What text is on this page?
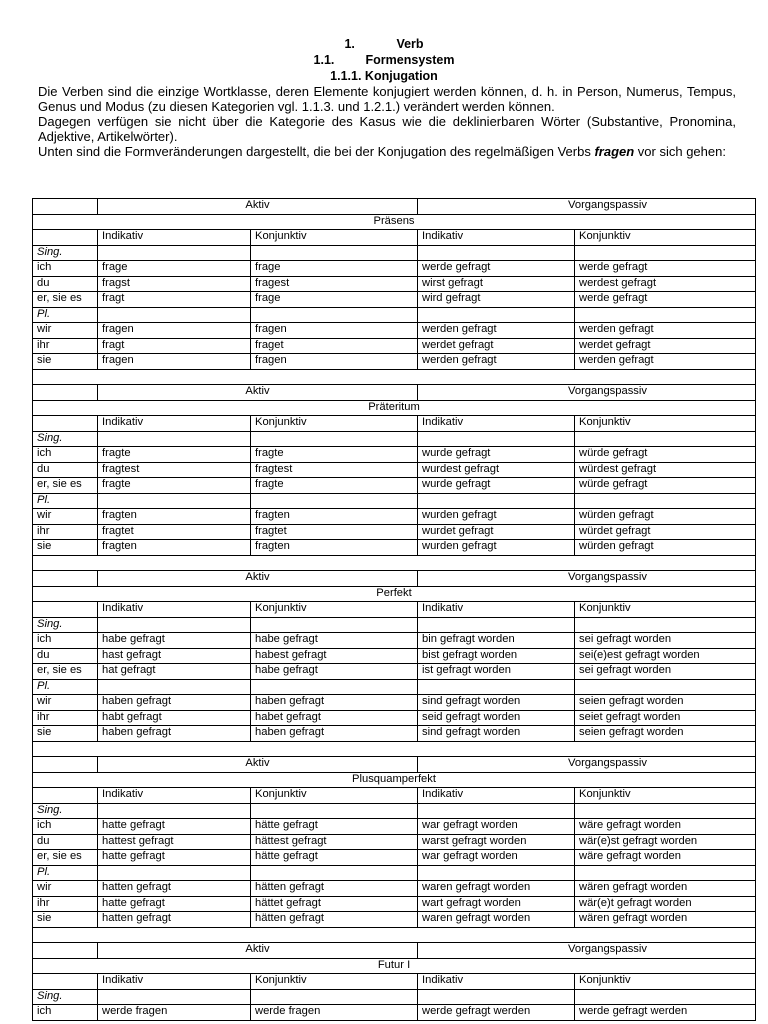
1.	Verb
1.1. Formensystem
1.1.1. Konjugation

Die Verben sind die einzige Wortklasse, deren Elemente konjugiert werden können, d. h. in Person, Numerus, Tempus, Genus und Modus (zu diesen Kategorien vgl. 1.1.3. und 1.2.1.) verändert werden können.

Dagegen verfügen sie nicht über die Kategorie des Kasus wie die deklinierbaren Wörter (Substantive, Pronomina, Adjektive, Artikelwörter).

Unten sind die Formveränderungen dargestellt, die bei der Konjugation des regelmäßigen Verbs fragen vor sich gehen:

	Aktiv		Vorgangspassiv	
Präsens				
	Indikativ	Konjunktiv	Indikativ	Konjunktiv
Sing.				
ich	frage	frage	werde gefragt	werde gefragt
du	fragst	fragest	wirst gefragt	werdest gefragt
er, sie es	fragt	frage	wird gefragt	werde gefragt
Pl.				
wir	fragen	fragen	werden gefragt	werden gefragt
ihr	fragt	fraget	werdet gefragt	werdet gefragt
sie	fragen	fragen	werden gefragt	werden gefragt

	Aktiv		Vorgangspassiv	
Präteritum				
	Indikativ	Konjunktiv	Indikativ	Konjunktiv
Sing.				
ich	fragte	fragte	wurde gefragt	würde gefragt
du	fragtest	fragtest	wurdest gefragt	würdest gefragt
er, sie es	fragte	fragte	wurde gefragt	würde gefragt
Pl.				
wir	fragten	fragten	wurden gefragt	würden gefragt
ihr	fragtet	fragtet	wurdet gefragt	würdet gefragt
sie	fragten	fragten	wurden gefragt	würden gefragt

	Aktiv		Vorgangspassiv	
Perfekt				
	Indikativ	Konjunktiv	Indikativ	Konjunktiv
Sing.				
ich	habe gefragt	habe gefragt	bin gefragt worden	sei gefragt worden
du	hast gefragt	habest gefragt	bist gefragt worden	sei(e)est gefragt worden
er, sie es	hat gefragt	habe gefragt	ist gefragt worden	sei gefragt worden
Pl.				
wir	haben gefragt	haben gefragt	sind gefragt worden	seien gefragt worden
ihr	habt gefragt	habet gefragt	seid gefragt worden	seiet gefragt worden
sie	haben gefragt	haben gefragt	sind gefragt worden	seien gefragt worden

	Aktiv		Vorgangspassiv	
Plusquamperfekt				
	Indikativ	Konjunktiv	Indikativ	Konjunktiv
Sing.				
ich	hatte gefragt	hätte gefragt	war gefragt worden	wäre gefragt worden
du	hattest gefragt	hättest gefragt	warst gefragt worden	wär(e)st gefragt worden
er, sie es	hatte gefragt	hätte gefragt	war gefragt worden	wäre gefragt worden
Pl.				
wir	hatten gefragt	hätten gefragt	waren gefragt worden	wären gefragt worden
ihr	hatte gefragt	hättet gefragt	wart gefragt worden	wär(e)t gefragt worden
sie	hatten gefragt	hätten gefragt	waren gefragt worden	wären gefragt worden

	Aktiv		Vorgangspassiv	
Futur I				
	Indikativ	Konjunktiv	Indikativ	Konjunktiv
Sing.				
ich	werde fragen	werde fragen	werde gefragt werden	werde gefragt werden
